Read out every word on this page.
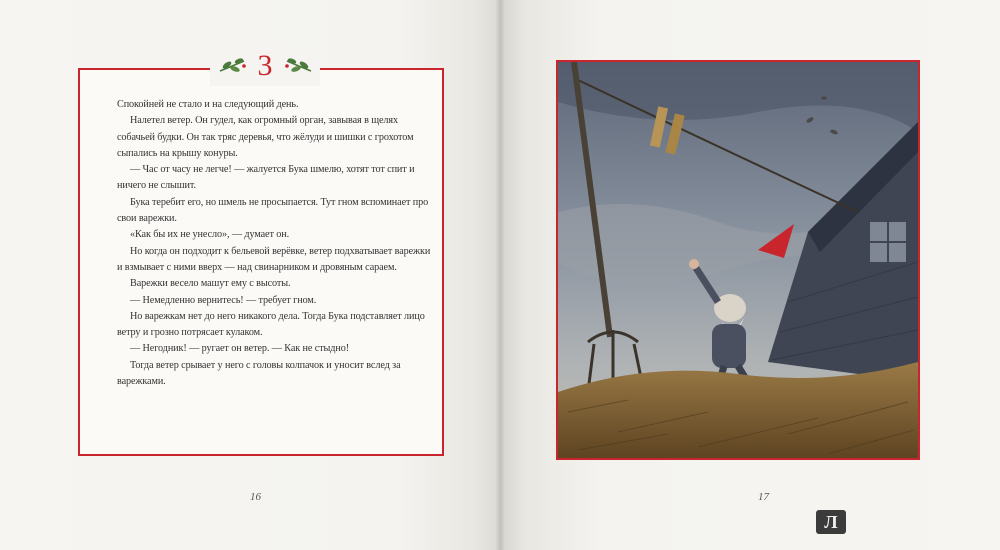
3

Спокойней не стало и на следующий день.

Налетел ветер. Он гудел, как огромный орган, завывая в щелях собачьей будки. Он так тряс деревья, что жёлуди и шишки с грохотом сыпались на крышу конуры.

— Час от часу не легче! — жалуется Бука шмелю, хотят тот спит и ничего не слышит.

Бука теребит его, но шмель не просыпается. Тут гном вспоминает про свои варежки.

«Как бы их не унесло», — думает он.

Но когда он подходит к бельевой верёвке, ветер подхватывает варежки и взмывает с ними вверх — над свинарником и дровяным сараем.

Варежки весело машут ему с высоты.

— Немедленно вернитесь! — требует гном.

Но варежкам нет до него никакого дела. Тогда Бука подставляет лицо ветру и грозно потрясает кулаком.

— Негодник! — ругает он ветер. — Как не стыдно!

Тогда ветер срывает у него с головы колпачок и уносит вслед за варежками.

16	17
Л
